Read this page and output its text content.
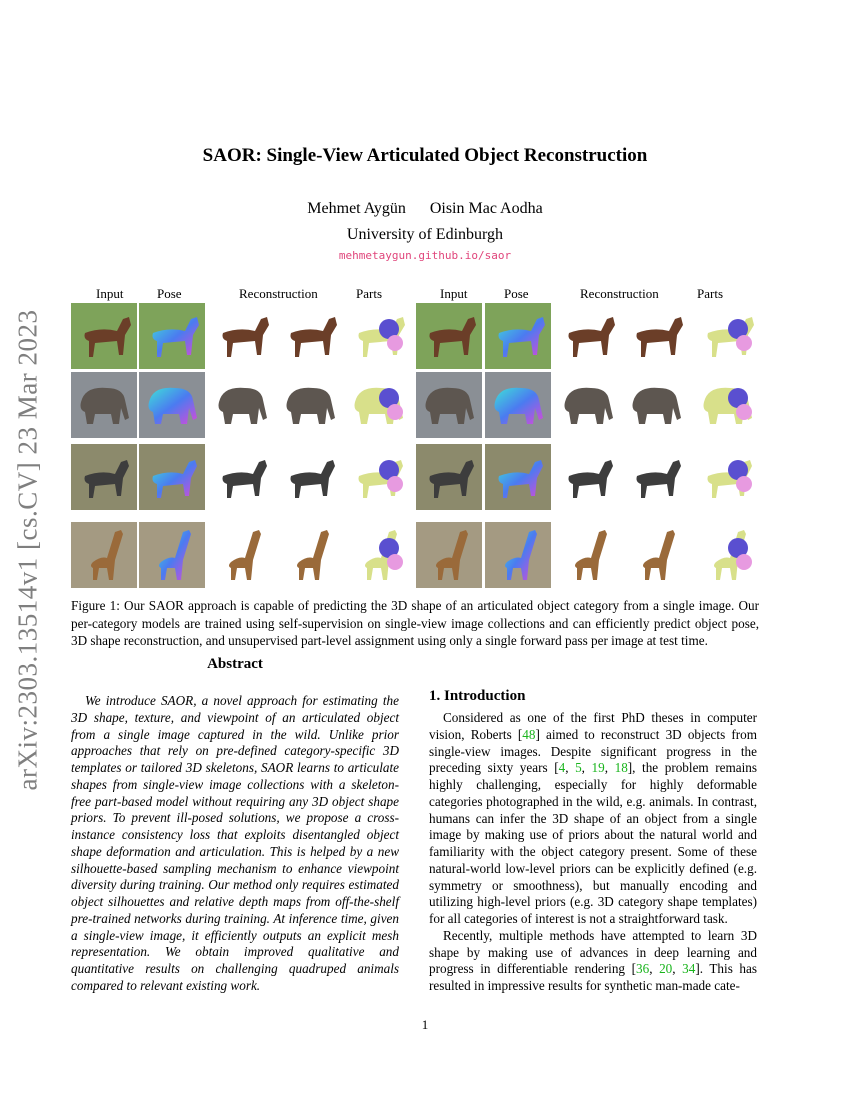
arXiv:2303.13514v1 [cs.CV] 23 Mar 2023
SAOR: Single-View Articulated Object Reconstruction
Mehmet Aygün Oisin Mac Aodha
University of Edinburgh
mehmetaygun.github.io/saor
Input	Pose	Reconstruction	Parts	Input	Pose	Reconstruction	Parts
Figure 1: Our SAOR approach is capable of predicting the 3D shape of an articulated object category from a single image. Our per-category models are trained using self-supervision on single-view image collections and can efficiently predict object pose, 3D shape reconstruction, and unsupervised part-level assignment using only a single forward pass per image at test time.
Abstract
We introduce SAOR, a novel approach for estimating the 3D shape, texture, and viewpoint of an articulated object from a single image captured in the wild. Unlike prior approaches that rely on pre-defined category-specific 3D templates or tailored 3D skeletons, SAOR learns to articulate shapes from single-view image collections with a skeleton-free part-based model without requiring any 3D object shape priors. To prevent ill-posed solutions, we propose a cross-instance consistency loss that exploits disentangled object shape deformation and articulation. This is helped by a new silhouette-based sampling mechanism to enhance viewpoint diversity during training. Our method only requires estimated object silhouettes and relative depth maps from off-the-shelf pre-trained networks during training. At inference time, given a single-view image, it efficiently outputs an explicit mesh representation. We obtain improved qualitative and quantitative results on challenging quadruped animals compared to relevant existing work.
1. Introduction

Considered as one of the first PhD theses in computer vision, Roberts [48] aimed to reconstruct 3D objects from single-view images. Despite significant progress in the preceding sixty years [4, 5, 19, 18], the problem remains highly challenging, especially for highly deformable categories photographed in the wild, e.g. animals. In contrast, humans can infer the 3D shape of an object from a single image by making use of priors about the natural world and familiarity with the object category present. Some of these natural-world low-level priors can be explicitly defined (e.g. symmetry or smoothness), but manually encoding and utilizing high-level priors (e.g. 3D category shape templates) for all categories of interest is not a straightforward task.

Recently, multiple methods have attempted to learn 3D shape by making use of advances in deep learning and progress in differentiable rendering [36, 20, 34]. This has resulted in impressive results for synthetic man-made cate-

1
